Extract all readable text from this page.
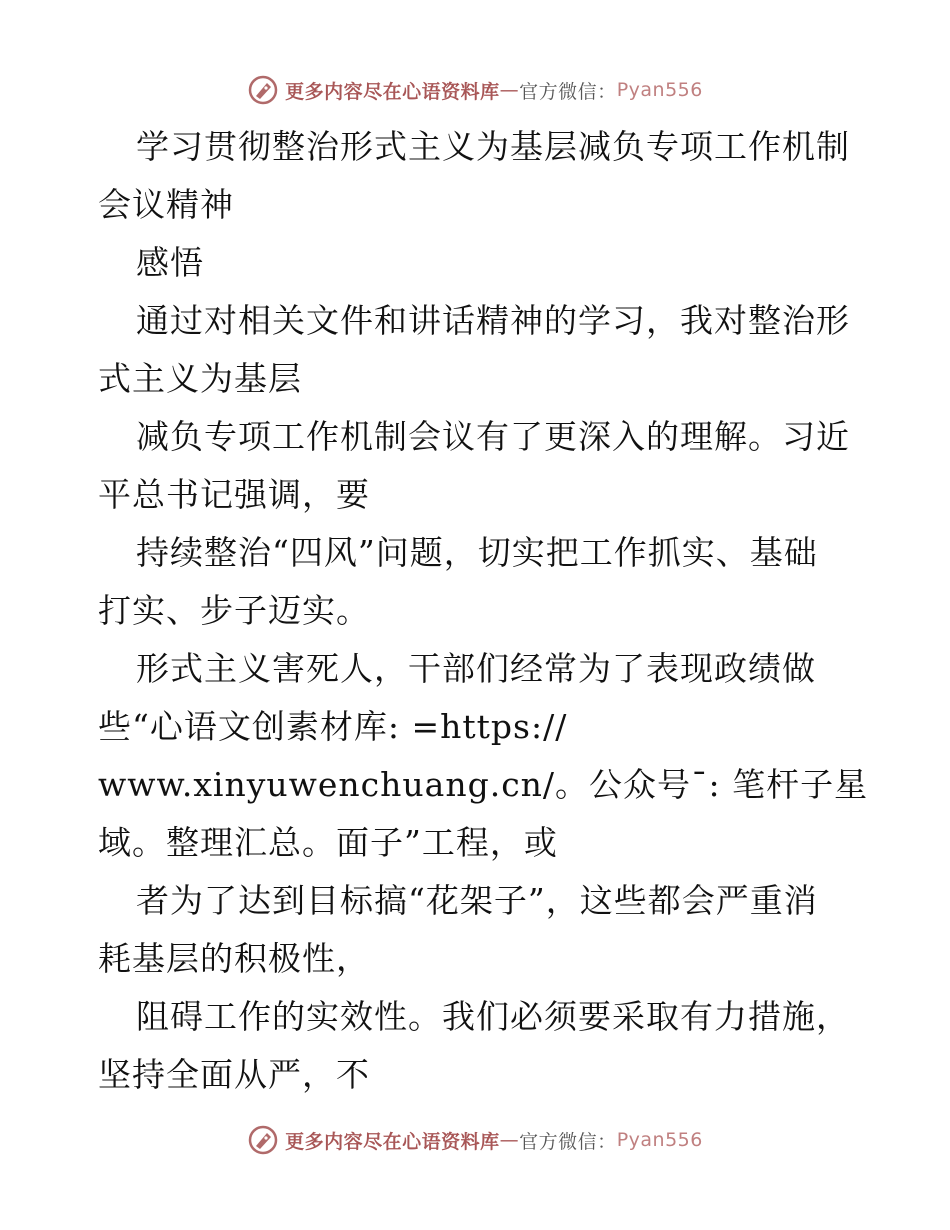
更多内容尽在心语资料库 — 官方微信： Pyan556
学习贯彻整治形式主义为基层减负专项工作机制
会议精神
感悟
通过对相关文件和讲话精神的学习，我对整治形
式主义为基层
减负专项工作机制会议有了更深入的理解。习近
平总书记强调，要
持续整治“四风”问题，切实把工作抓实、基础
打实、步子迈实。
形式主义害死人，干部们经常为了表现政绩做
些“心语文创素材库: =https://
www.xinyuwenchuang.cn/。公众号¯: 笔杆子星
域。整理汇总。面子”工程，或
者为了达到目标搞“花架子”，这些都会严重消
耗基层的积极性，
阻碍工作的实效性。我们必须要采取有力措施，
坚持全面从严，不
更多内容尽在心语资料库 — 官方微信： Pyan556
